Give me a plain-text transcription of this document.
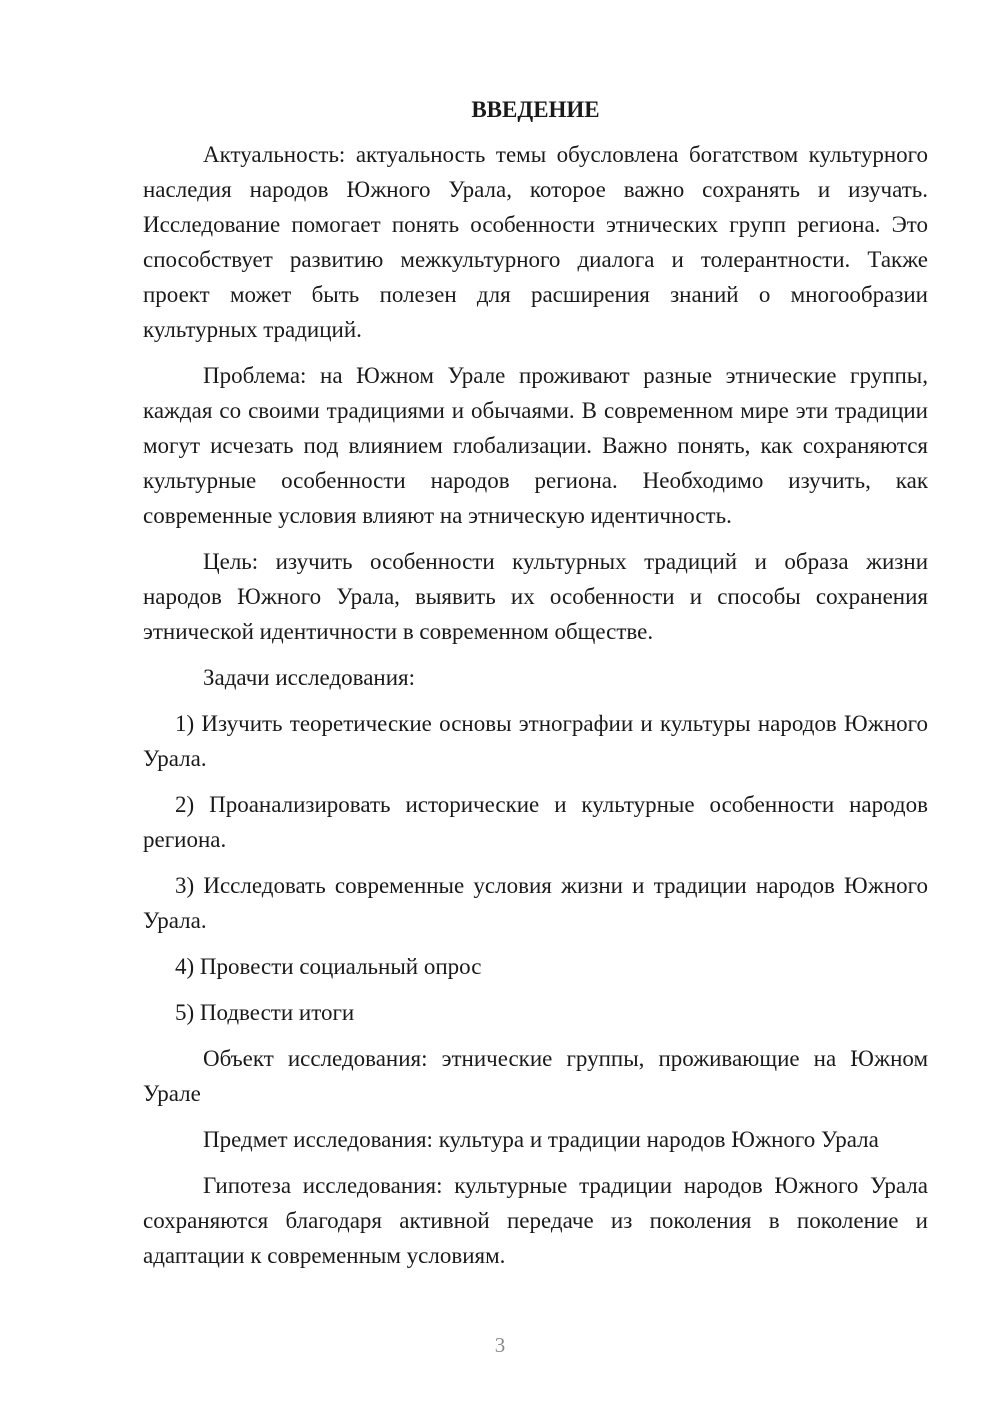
ВВЕДЕНИЕ

Актуальность: актуальность темы обусловлена богатством культурного наследия народов Южного Урала, которое важно сохранять и изучать. Исследование помогает понять особенности этнических групп региона. Это способствует развитию межкультурного диалога и толерантности. Также проект может быть полезен для расширения знаний о многообразии культурных традиций.

Проблема: на Южном Урале проживают разные этнические группы, каждая со своими традициями и обычаями. В современном мире эти традиции могут исчезать под влиянием глобализации. Важно понять, как сохраняются культурные особенности народов региона. Необходимо изучить, как современные условия влияют на этническую идентичность.

Цель: изучить особенности культурных традиций и образа жизни народов Южного Урала, выявить их особенности и способы сохранения этнической идентичности в современном обществе.

Задачи исследования:

1) Изучить теоретические основы этнографии и культуры народов Южного Урала.

2) Проанализировать исторические и культурные особенности народов региона.

3) Исследовать современные условия жизни и традиции народов Южного Урала.

4) Провести социальный опрос

5) Подвести итоги

Объект исследования: этнические группы, проживающие на Южном Урале

Предмет исследования: культура и традиции народов Южного Урала

Гипотеза исследования: культурные традиции народов Южного Урала сохраняются благодаря активной передаче из поколения в поколение и адаптации к современным условиям.

3
